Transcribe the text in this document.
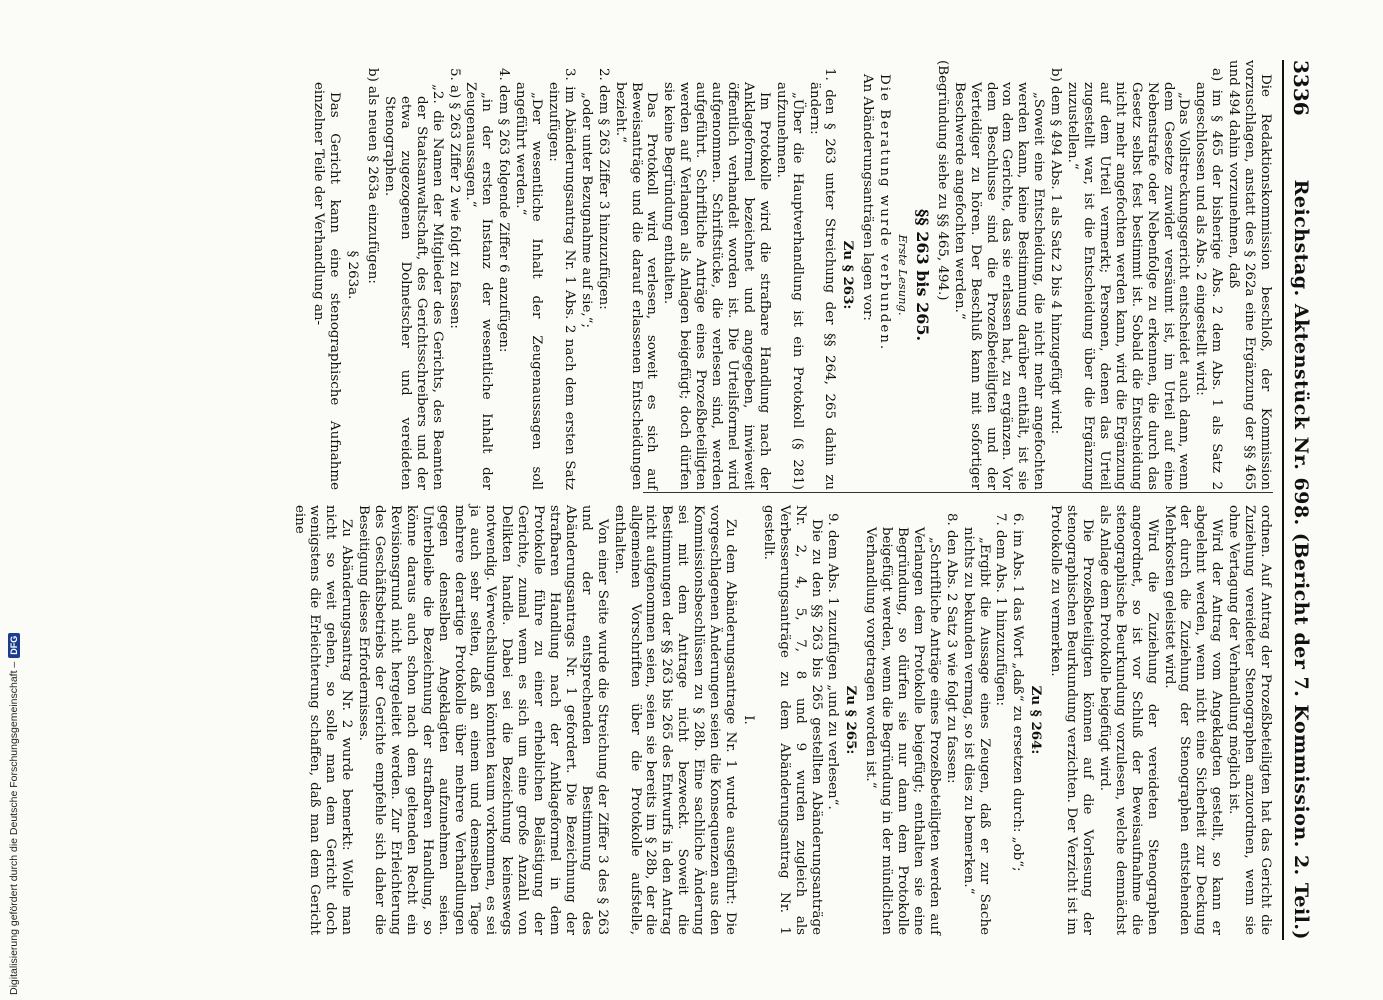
3336
Reichstag. Aktenstück Nr. 698. (Bericht der 7. Kommission. 2. Teil.)

Die Redaktionskommission beschloß, der Kommission vorzuschlagen, anstatt des § 262a eine Ergänzung der §§ 465 und 494 dahin vorzunehmen, daß

a) im § 465 der bisherige Abs. 2 dem Abs. 1 als Satz 2 angeschlossen und als Abs. 2 eingestellt wird:

„Das Vollstreckungsgericht entscheidet auch dann, wenn dem Gesetze zuwider versäumt ist, im Urteil auf eine Nebenstrafe oder Nebenfolge zu erkennen, die durch das Gesetz selbst fest bestimmt ist. Sobald die Entscheidung nicht mehr angefochten werden kann, wird die Ergänzung auf dem Urteil vermerkt; Personen, denen das Urteil zugestellt war, ist die Entscheidung über die Ergänzung zuzustellen.“

b) dem § 494 Abs. 1 als Satz 2 bis 4 hinzugefügt wird:

„Soweit eine Entscheidung, die nicht mehr angefochten werden kann, keine Bestimmung darüber enthält, ist sie von dem Gerichte, das sie erlassen hat, zu ergänzen. Vor dem Beschlusse sind die Prozeßbeteiligten und der Verteidiger zu hören. Der Beschluß kann mit sofortiger Beschwerde angefochten werden.“

(Begründung siehe zu §§ 465, 494.)

§§ 263 bis 265.
Erste Lesung.

Die Beratung wurde verbunden.

An Abänderungsanträgen lagen vor:

Zu § 263:

1. den § 263 unter Streichung der §§ 264, 265 dahin zu ändern:

„Über die Hauptverhandlung ist ein Protokoll (§ 281) aufzunehmen.

Im Protokolle wird die strafbare Handlung nach der Anklageformel bezeichnet und angegeben, inwieweit öffentlich verhandelt worden ist. Die Urteilsformel wird aufgenommen. Schriftstücke, die verlesen sind, werden aufgeführt. Schriftliche Anträge eines Prozeßbeteiligten werden auf Verlangen als Anlagen beigefügt; doch dürfen sie keine Begründung enthalten.

Das Protokoll wird verlesen, soweit es sich auf Beweisanträge und die darauf erlassenen Entscheidungen bezieht.“

2. dem § 263 Ziffer 3 hinzuzufügen:

„oder unter Bezugnahme auf sie,“;

3. im Abänderungsantrag Nr. 1 Abs. 2 nach dem ersten Satz einzufügen:

„Der wesentliche Inhalt der Zeugenaussagen soll angeführt werden.“

4. dem § 263 folgende Ziffer 6 anzufügen:

„in der ersten Instanz der wesentliche Inhalt der Zeugenaussagen.“

5. a) § 263 Ziffer 2 wie folgt zu fassen:

„2. die Namen der Mitglieder des Gerichts, des Beamten der Staatsanwaltschaft, des Gerichtsschreibers und der etwa zugezogenen Dolmetscher und vereideten Stenographen.

b) als neuen § 263a einzufügen:

§ 263a.

Das Gericht kann eine stenographische Aufnahme einzelner Teile der Verhandlung an-

ordnen. Auf Antrag der Prozeßbeteiligten hat das Gericht die Zuziehung vereideter Stenographen anzuordnen, wenn sie ohne Vertagung der Verhandlung möglich ist.

Wird der Antrag vom Angeklagten gestellt, so kann er abgelehnt werden, wenn nicht eine Sicherheit zur Deckung der durch die Zuziehung der Stenographen entstehenden Mehrkosten geleistet wird.

Wird die Zuziehung der vereideten Stenographen angeordnet, so ist vor Schluß der Beweisaufnahme die stenographische Beurkundung vorzulesen, welche demnächst als Anlage dem Protokolle beigefügt wird.

Die Prozeßbeteiligten können auf die Vorlesung der stenographischen Beurkundung verzichten. Der Verzicht ist im Protokolle zu vermerken.

Zu § 264:

6. im Abs. 1 das Wort „daß“ zu ersetzen durch: „ob“;

7. dem Abs. 1 hinzuzufügen:

„Ergibt die Aussage eines Zeugen, daß er zur Sache nichts zu bekunden vermag, so ist dies zu bemerken.“

8. den Abs. 2 Satz 3 wie folgt zu fassen:

„Schriftliche Anträge eines Prozeßbeteiligten werden auf Verlangen dem Protokolle beigefügt; enthalten sie eine Begründung, so dürfen sie nur dann dem Protokolle beigefügt werden, wenn die Begründung in der mündlichen Verhandlung vorgetragen worden ist.“

Zu § 265:

9. dem Abs. 1 zuzufügen „und zu verlesen“.

Die zu den §§ 263 bis 265 gestellten Abänderungsanträge Nr. 2, 4, 5, 7, 8 und 9 wurden zugleich als Verbesserungsanträge zu dem Abänderungsantrag Nr. 1 gestellt.

I.

Zu dem Abänderungsantrage Nr. 1 wurde ausgeführt: Die vorgeschlagenen Änderungen seien die Konsequenzen aus den Kommissionsbeschlüssen zu § 28b. Eine sachliche Änderung sei mit dem Antrage nicht bezweckt. Soweit die Bestimmungen der §§ 263 bis 265 des Entwurfs in den Antrag nicht aufgenommen seien, seien sie bereits im § 28b, der die allgemeinen Vorschriften über die Protokolle aufstelle, enthalten.

Von einer Seite wurde die Streichung der Ziffer 3 des § 263 und der entsprechenden Bestimmung des Abänderungsantrags Nr. 1 gefordert. Die Bezeichnung der strafbaren Handlung nach der Anklageformel in dem Protokolle führe zu einer erheblichen Belästigung der Gerichte, zumal wenn es sich um eine große Anzahl von Delikten handle. Dabei sei die Bezeichnung keineswegs notwendig. Verwechslungen könnten kaum vorkommen, es sei ja auch sehr selten, daß an einem und demselben Tage mehrere derartige Protokolle über mehrere Verhandlungen gegen denselben Angeklagten aufzunehmen seien. Unterbleibe die Bezeichnung der strafbaren Handlung, so könne daraus auch schon nach dem geltenden Recht ein Revisionsgrund nicht hergeleitet werden. Zur Erleichterung des Geschäftsbetriebs der Gerichte empfehle sich daher die Beseitigung dieses Erfordernisses.

Zu Abänderungsantrag Nr. 2 wurde bemerkt: Wolle man nicht so weit gehen, so solle man dem Gericht doch wenigstens die Erleichterung schaffen, daß man dem Gericht eine

Digitalisierung gefördert durch die Deutsche Forschungsgemeinschaft –
DFG
